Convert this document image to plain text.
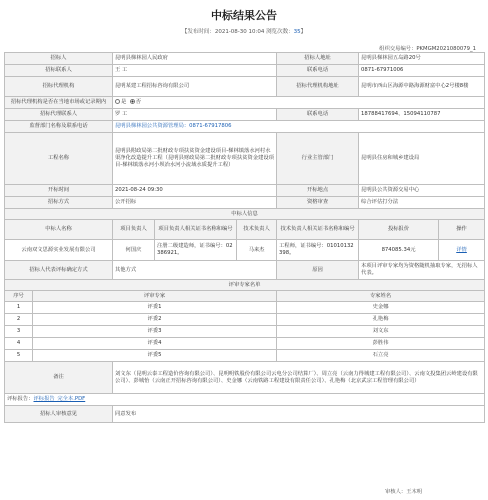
中标结果公告
【发布时间：2021-08-30 10:04 浏览次数：35】
组织交易编号：PKMGM2021080079_1
招标人		昆明县梯林园人民政府			招标人地址	昆明县梯林园五岛路20号	
招标联系人		王 工			联系电话	0871-67971006	
招标代理机构		昆明某建工程招标咨询有限公司			招标代理机构地址	昆明市西山区海源中路海源财富中心2号楼8楼	
招标代理机构是否在当地市场或记录期内		是 否					
招标代理联系人		罗 工			联系电话	18788417694、15094110787	
监督部门名称及联系电话		昆明县梯林园公共资源管理局：0871-67917806					
工程名称		昆明县附政局第二批财政专项扶贫资金建设项目-梯林镇落水河村水渠净化改造提升工程（昆明县财政局第二批财政专项扶贫资金建设项目-梯林镇落水河小坝冶水河小流域水质提升工程）			行业主管部门	昆明县住房和城乡建设局	
开标时间		2021-08-24 09:30			开标地点	昆明县公共资源交易中心	
招标方式		公开招标			资格审查	综合评估打分法	
中标人信息							
中标人名称		项目负责人	项目负责人相关证书名称和编号	技术负责人	技术负责人相关证书名称和编号	投标报价	操作
云南双文思源实业发展有限公司		何国庆	注册二级建造师，证书编号：02386921。	马来杰	工程师，证书编号：01010132398。	874085.34元	详情
招标人代表评标确定方式		其他方式			原因	本项目评审专家均为资格随机抽取专家，无招标人代表。	
评审专家名单							
序号	评审专家				专家姓名		
1	评委1				史金娜		
2	评委2				孔艳梅		
3	评委3				刘文东		
4	评委4				彭胜伟		
5	评委5				石立亮		
备注		刘文东（昆明云泰工程造价咨询有限公司）、昆明明铁股份有限公司云电分公司结算厂）、周立亮（云南力得城建工程有限公司）、云南文投集团云岭建设有限公司）、彭城怡（云南正开招标咨询有限公司）、史金娜（云南铁路工程建设有限责任公司）、孔艳梅（北京武宗工程管理有限公司）					
评标报告：评标报告_完全本.PDF							
招标人审核意见		同意发布					
审核人：王木明
